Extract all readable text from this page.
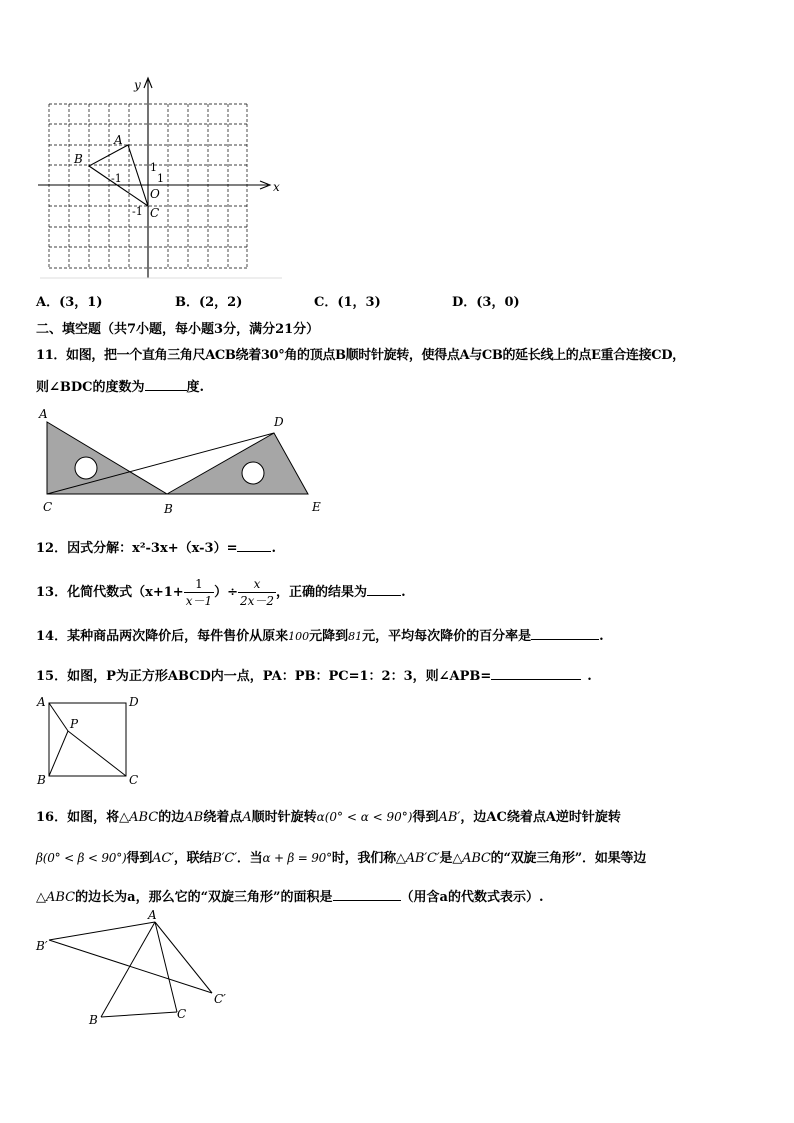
x
y
A
B
C
O
1
-1
1
-1
A．(3，1)	B．(2，2)	C．(1，3)	D．(3，0)
二、填空题（共7小题，每小题3分，满分21分）
11．如图，把一个直角三角尺ACB绕着30°角的顶点B顺时针旋转，使得点A与CB的延长线上的点E重合连接CD，
则∠BDC的度数为	度.
A
D
C	B	E
12．因式分解：x²-3x+（x-3）=	.
13．化简代数式（$x+1+ \frac{1}{x-1}$ ）÷ $\frac{x}{2x-2}$ ，正确的结果为	.
14．某种商品两次降价后，每件售价从原来100元降到81元，平均每次降价的百分率是	.
15．如图，P为正方形ABCD内一点，PA：PB：PC=1：2：3，则∠APB=	.
A	D
P
B	C
16．如图，将△ABC的边AB绕着点A顺时针旋转α(0° < α < 90°)得到AB′，边AC绕着点A逆时针旋转
β(0° < β < 90°)得到AC′，联结B′C′．当α + β = 90°时，我们称△AB′C′是△ABC的“双旋三角形”．如果等边
△ABC的边长为a，那么它的“双旋三角形”的面积是	（用含a的代数式表示）.
A
B′
B	C
C′
